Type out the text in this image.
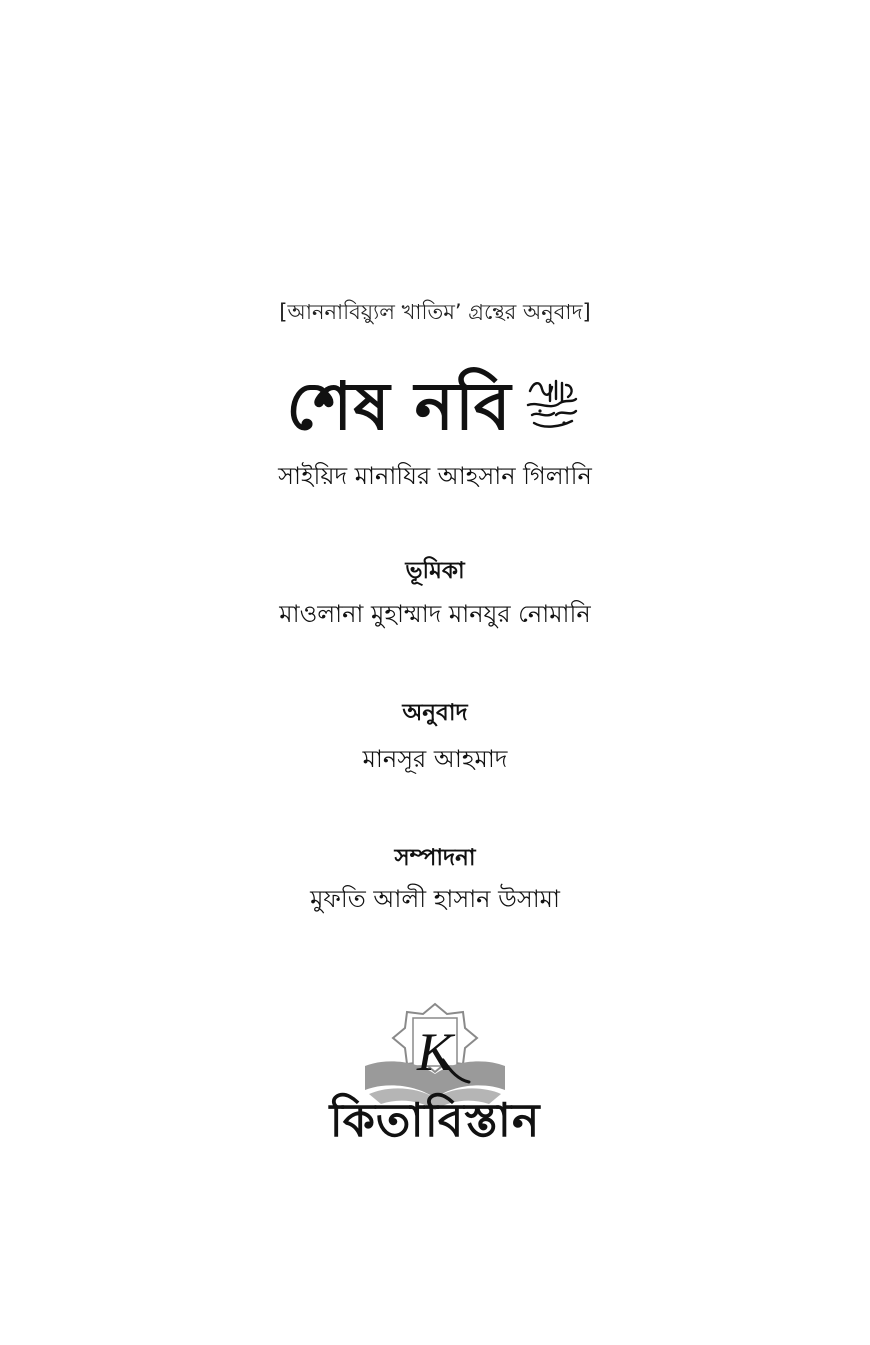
[আননাবিয়্যুল খাতিম’ গ্রন্থের অনুবাদ]
শেষ নবি
সাইয়িদ মানাযির আহসান গিলানি
ভূমিকা
মাওলানা মুহাম্মাদ মানযুর নোমানি
অনুবাদ
মানসূর আহমাদ
সম্পাদনা
মুফতি আলী হাসান উসামা
K
কিতাবিস্তান
